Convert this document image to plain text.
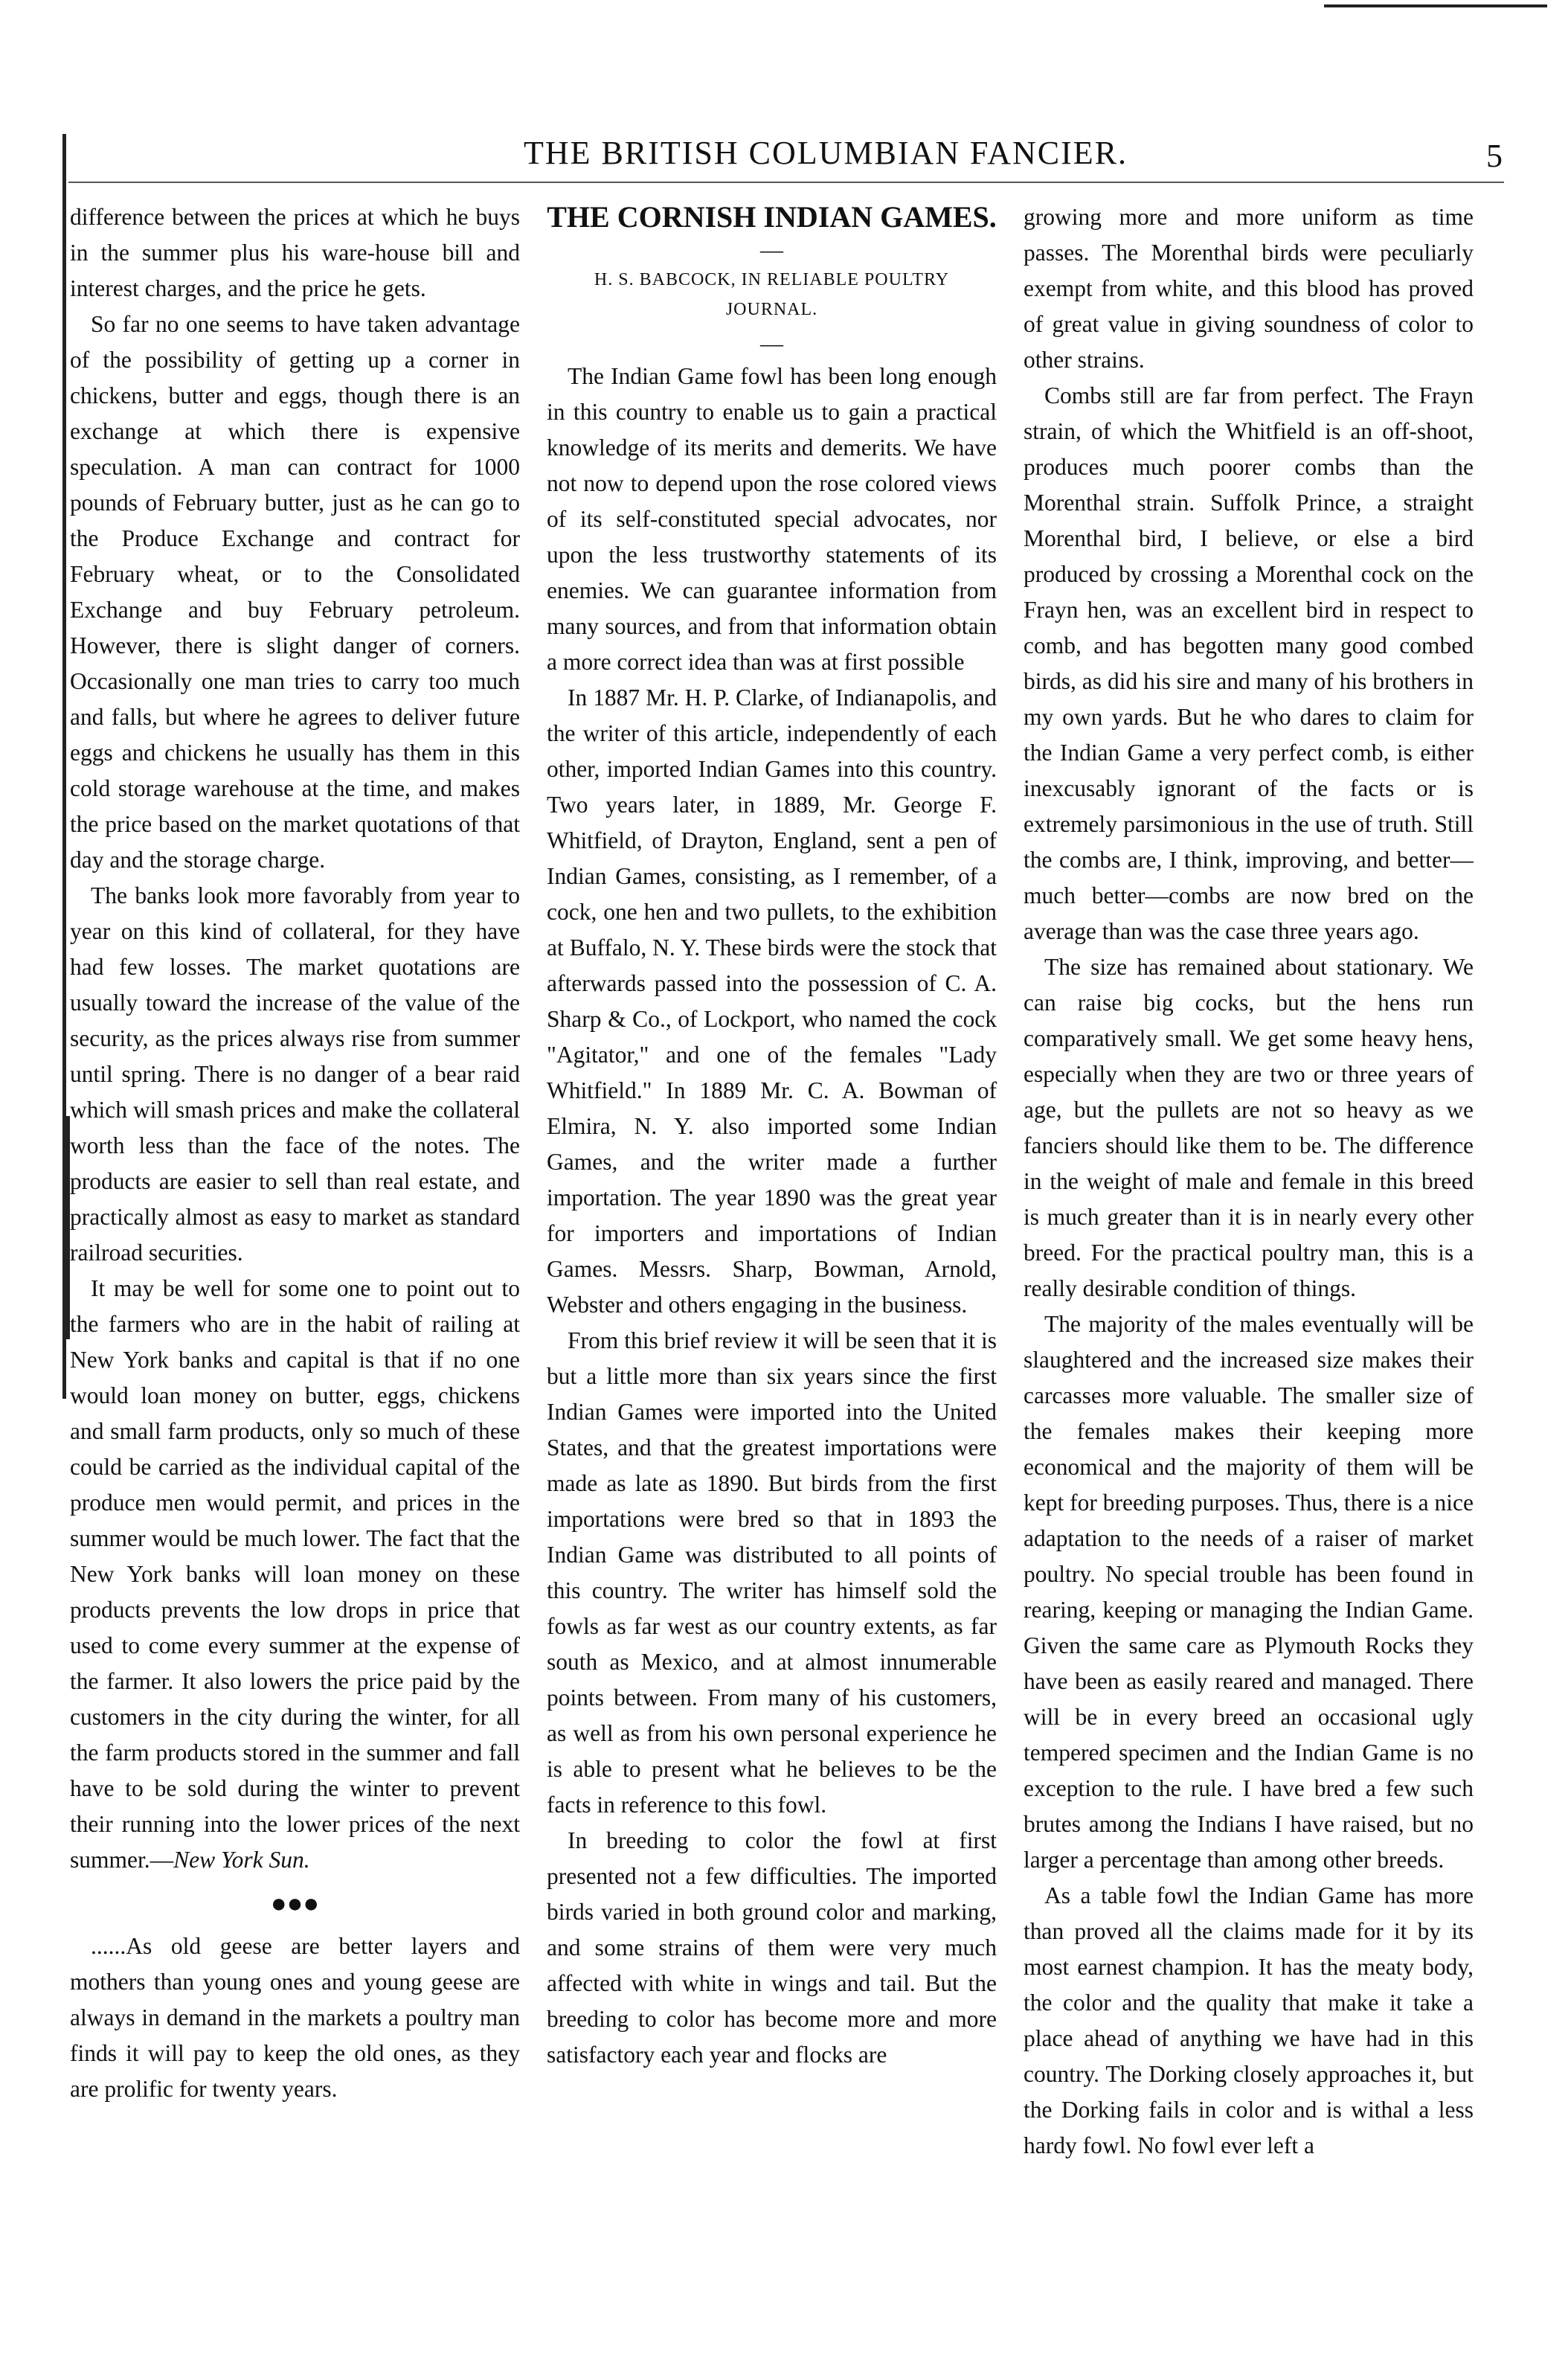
THE BRITISH COLUMBIAN FANCIER.	5

difference between the prices at which he buys in the summer plus his ware-house bill and interest charges, and the price he gets.

So far no one seems to have taken advantage of the possibility of getting up a corner in chickens, butter and eggs, though there is an exchange at which there is expensive speculation. A man can contract for 1000 pounds of February butter, just as he can go to the Produce Exchange and contract for February wheat, or to the Consolidated Exchange and buy February petroleum. However, there is slight danger of corners. Occasionally one man tries to carry too much and falls, but where he agrees to deliver future eggs and chickens he usually has them in this cold storage warehouse at the time, and makes the price based on the market quotations of that day and the storage charge.

The banks look more favorably from year to year on this kind of collateral, for they have had few losses. The market quotations are usually toward the increase of the value of the security, as the prices always rise from summer until spring. There is no danger of a bear raid which will smash prices and make the collateral worth less than the face of the notes. The products are easier to sell than real estate, and practically almost as easy to market as standard railroad securities.

It may be well for some one to point out to the farmers who are in the habit of railing at New York banks and capital is that if no one would loan money on butter, eggs, chickens and small farm products, only so much of these could be carried as the individual capital of the produce men would permit, and prices in the summer would be much lower. The fact that the New York banks will loan money on these products prevents the low drops in price that used to come every summer at the expense of the farmer. It also lowers the price paid by the customers in the city during the winter, for all the farm products stored in the summer and fall have to be sold during the winter to prevent their running into the lower prices of the next summer.—New York Sun.

●●●

......As old geese are better layers and mothers than young ones and young geese are always in demand in the markets a poultry man finds it will pay to keep the old ones, as they are prolific for twenty years.

THE CORNISH INDIAN GAMES.
—
H. S. BABCOCK, IN RELIABLE POULTRY JOURNAL.
—

The Indian Game fowl has been long enough in this country to enable us to gain a practical knowledge of its merits and demerits. We have not now to depend upon the rose colored views of its self-constituted special advocates, nor upon the less trustworthy statements of its enemies. We can guarantee information from many sources, and from that information obtain a more correct idea than was at first possible

In 1887 Mr. H. P. Clarke, of Indianapolis, and the writer of this article, independently of each other, imported Indian Games into this country. Two years later, in 1889, Mr. George F. Whitfield, of Drayton, England, sent a pen of Indian Games, consisting, as I remember, of a cock, one hen and two pullets, to the exhibition at Buffalo, N. Y. These birds were the stock that afterwards passed into the possession of C. A. Sharp & Co., of Lockport, who named the cock "Agitator," and one of the females "Lady Whitfield." In 1889 Mr. C. A. Bowman of Elmira, N. Y. also imported some Indian Games, and the writer made a further importation. The year 1890 was the great year for importers and importations of Indian Games. Messrs. Sharp, Bowman, Arnold, Webster and others engaging in the business.

From this brief review it will be seen that it is but a little more than six years since the first Indian Games were imported into the United States, and that the greatest importations were made as late as 1890. But birds from the first importations were bred so that in 1893 the Indian Game was distributed to all points of this country. The writer has himself sold the fowls as far west as our country extents, as far south as Mexico, and at almost innumerable points between. From many of his customers, as well as from his own personal experience he is able to present what he believes to be the facts in reference to this fowl.

In breeding to color the fowl at first presented not a few difficulties. The imported birds varied in both ground color and marking, and some strains of them were very much affected with white in wings and tail. But the breeding to color has become more and more satisfactory each year and flocks are

growing more and more uniform as time passes. The Morenthal birds were peculiarly exempt from white, and this blood has proved of great value in giving soundness of color to other strains.

Combs still are far from perfect. The Frayn strain, of which the Whitfield is an off-shoot, produces much poorer combs than the Morenthal strain. Suffolk Prince, a straight Morenthal bird, I believe, or else a bird produced by crossing a Morenthal cock on the Frayn hen, was an excellent bird in respect to comb, and has begotten many good combed birds, as did his sire and many of his brothers in my own yards. But he who dares to claim for the Indian Game a very perfect comb, is either inexcusably ignorant of the facts or is extremely parsimonious in the use of truth. Still the combs are, I think, improving, and better—much better—combs are now bred on the average than was the case three years ago.

The size has remained about stationary. We can raise big cocks, but the hens run comparatively small. We get some heavy hens, especially when they are two or three years of age, but the pullets are not so heavy as we fanciers should like them to be. The difference in the weight of male and female in this breed is much greater than it is in nearly every other breed. For the practical poultry man, this is a really desirable condition of things.

The majority of the males eventually will be slaughtered and the increased size makes their carcasses more valuable. The smaller size of the females makes their keeping more economical and the majority of them will be kept for breeding purposes. Thus, there is a nice adaptation to the needs of a raiser of market poultry. No special trouble has been found in rearing, keeping or managing the Indian Game. Given the same care as Plymouth Rocks they have been as easily reared and managed. There will be in every breed an occasional ugly tempered specimen and the Indian Game is no exception to the rule. I have bred a few such brutes among the Indians I have raised, but no larger a percentage than among other breeds.

As a table fowl the Indian Game has more than proved all the claims made for it by its most earnest champion. It has the meaty body, the color and the quality that make it take a place ahead of anything we have had in this country. The Dorking closely approaches it, but the Dorking fails in color and is withal a less hardy fowl. No fowl ever left a
